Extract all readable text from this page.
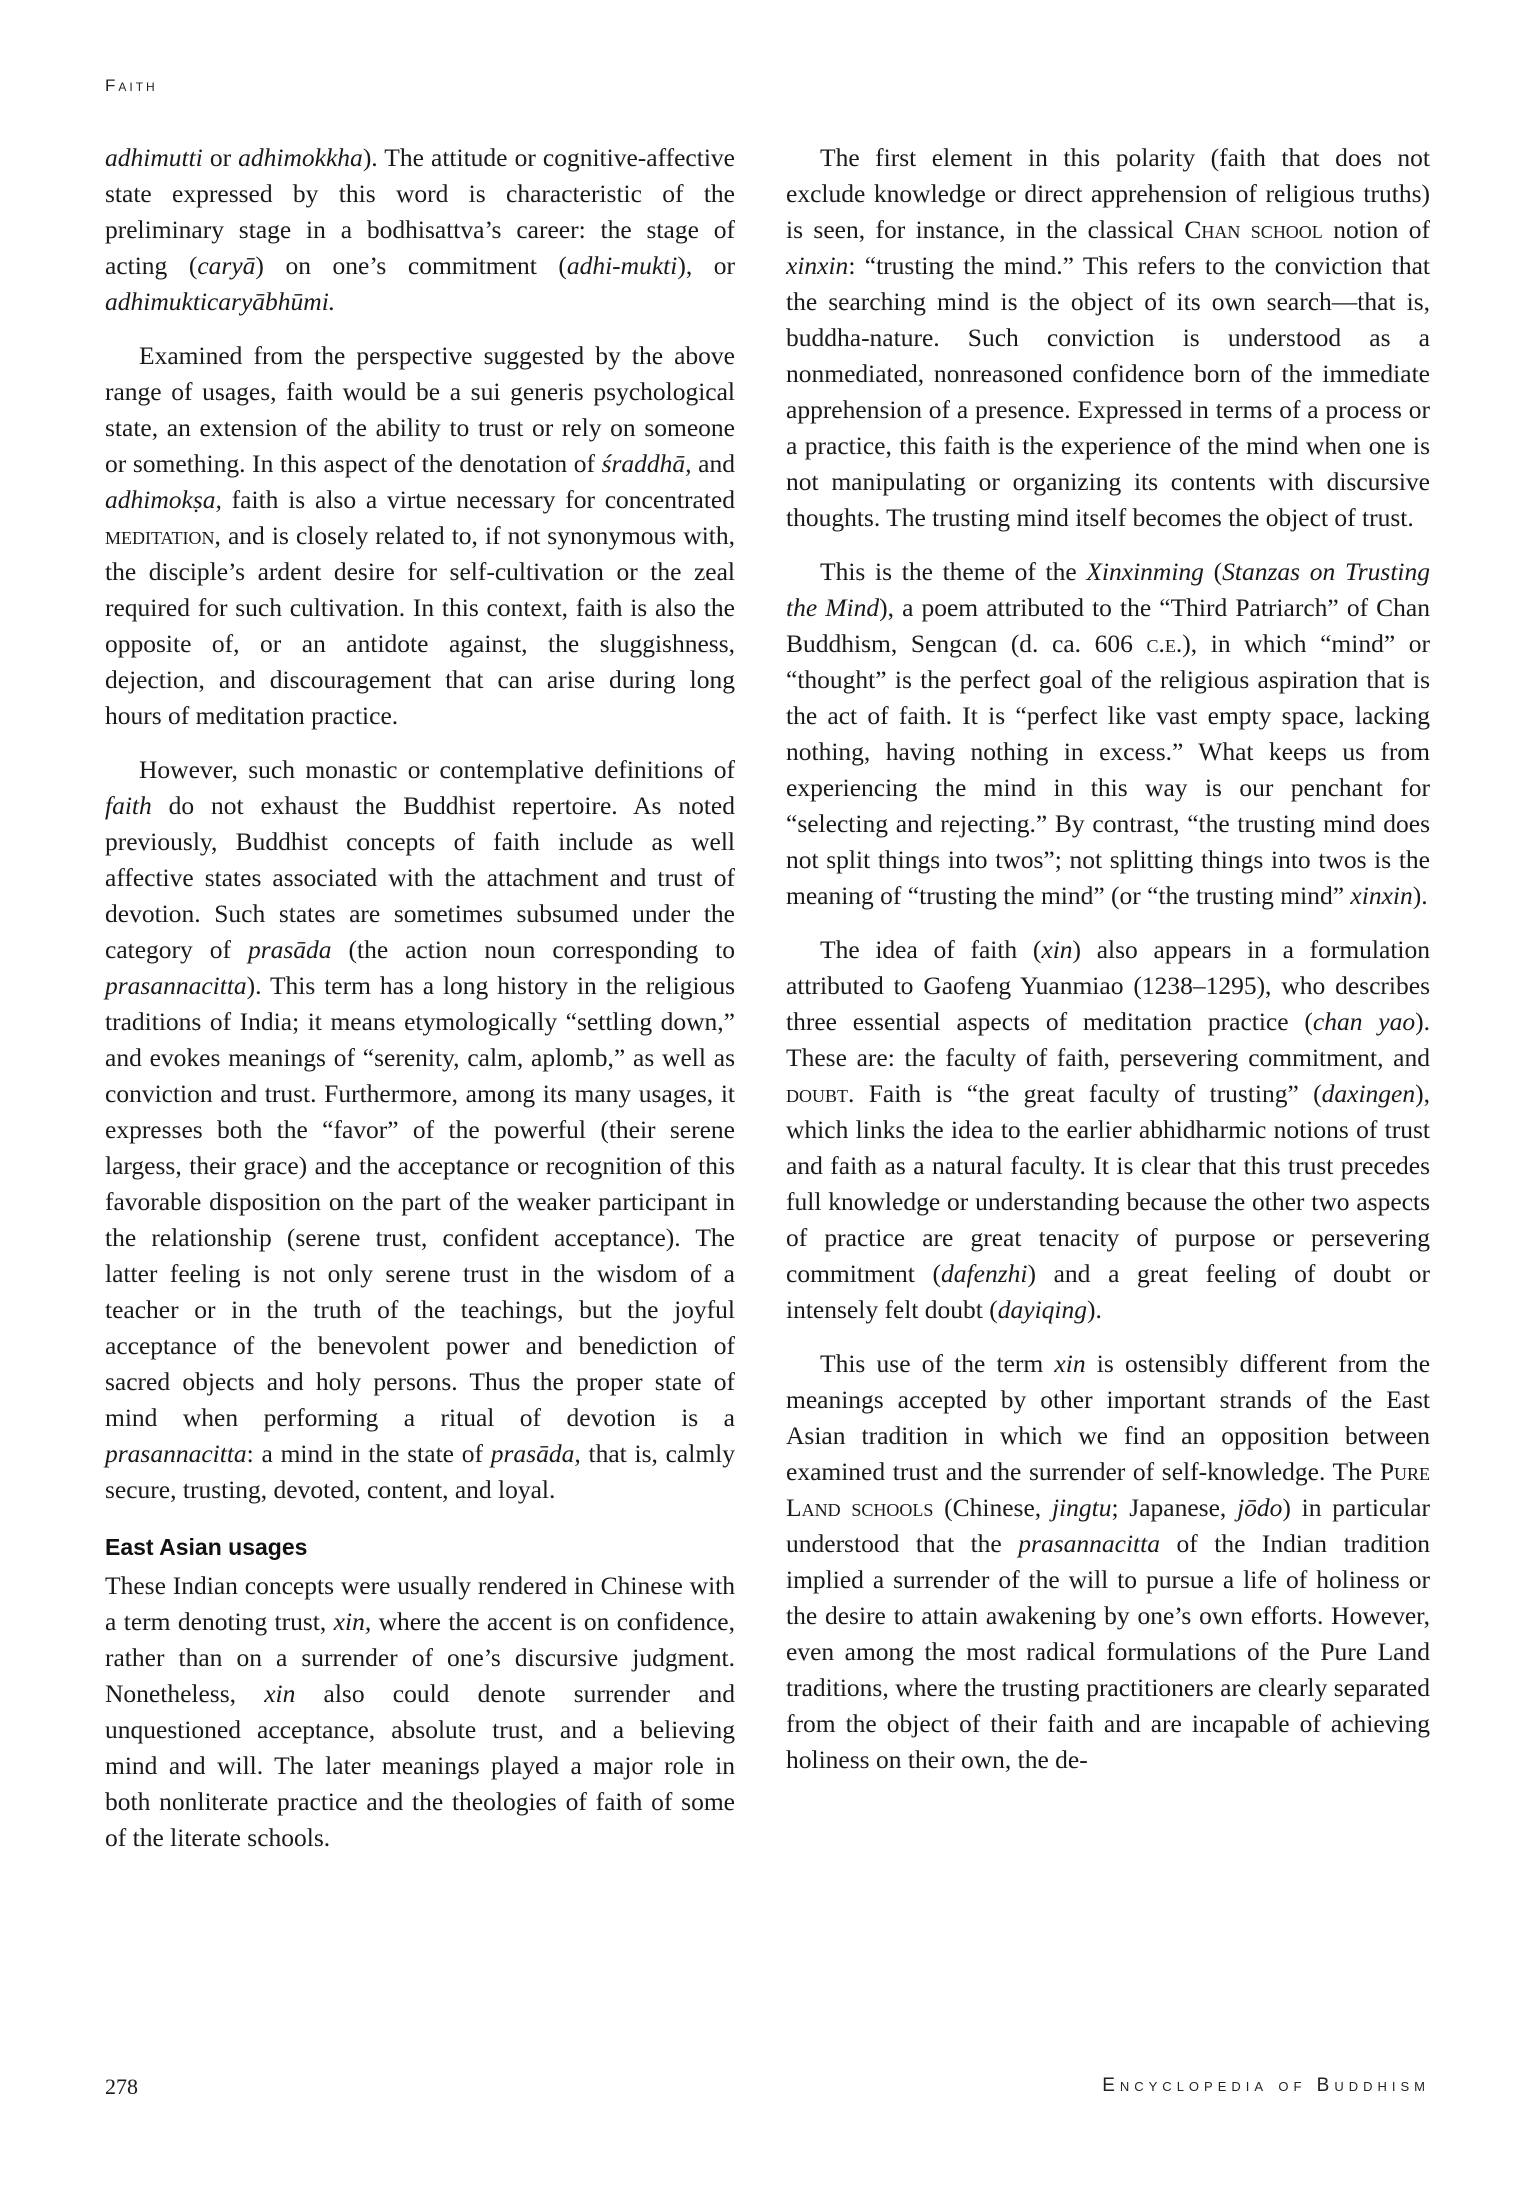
Faith

adhimutti or adhimokkha). The attitude or cognitive-affective state expressed by this word is characteristic of the preliminary stage in a bodhisattva’s career: the stage of acting (caryā) on one’s commitment (adhi-mukti), or adhimukticaryābhūmi.

Examined from the perspective suggested by the above range of usages, faith would be a sui generis psychological state, an extension of the ability to trust or rely on someone or something. In this aspect of the denotation of śraddhā, and adhimokṣa, faith is also a virtue necessary for concentrated meditation, and is closely related to, if not synonymous with, the disciple’s ardent desire for self-cultivation or the zeal required for such cultivation. In this context, faith is also the opposite of, or an antidote against, the sluggishness, dejection, and discouragement that can arise during long hours of meditation practice.

However, such monastic or contemplative definitions of faith do not exhaust the Buddhist repertoire. As noted previously, Buddhist concepts of faith include as well affective states associated with the attachment and trust of devotion. Such states are sometimes subsumed under the category of prasāda (the action noun corresponding to prasannacitta). This term has a long history in the religious traditions of India; it means etymologically “settling down,” and evokes meanings of “serenity, calm, aplomb,” as well as conviction and trust. Furthermore, among its many usages, it expresses both the “favor” of the powerful (their serene largess, their grace) and the acceptance or recognition of this favorable disposition on the part of the weaker participant in the relationship (serene trust, confident acceptance). The latter feeling is not only serene trust in the wisdom of a teacher or in the truth of the teachings, but the joyful acceptance of the benevolent power and benediction of sacred objects and holy persons. Thus the proper state of mind when performing a ritual of devotion is a prasannacitta: a mind in the state of prasāda, that is, calmly secure, trusting, devoted, content, and loyal.

East Asian usages

These Indian concepts were usually rendered in Chinese with a term denoting trust, xin, where the accent is on confidence, rather than on a surrender of one’s discursive judgment. Nonetheless, xin also could denote surrender and unquestioned acceptance, absolute trust, and a believing mind and will. The later meanings played a major role in both nonliterate practice and the theologies of faith of some of the literate schools.

The first element in this polarity (faith that does not exclude knowledge or direct apprehension of religious truths) is seen, for instance, in the classical Chan school notion of xinxin: “trusting the mind.” This refers to the conviction that the searching mind is the object of its own search—that is, buddha-nature. Such conviction is understood as a nonmediated, nonreasoned confidence born of the immediate apprehension of a presence. Expressed in terms of a process or a practice, this faith is the experience of the mind when one is not manipulating or organizing its contents with discursive thoughts. The trusting mind itself becomes the object of trust.

This is the theme of the Xinxinming (Stanzas on Trusting the Mind), a poem attributed to the “Third Patriarch” of Chan Buddhism, Sengcan (d. ca. 606 c.e.), in which “mind” or “thought” is the perfect goal of the religious aspiration that is the act of faith. It is “perfect like vast empty space, lacking nothing, having nothing in excess.” What keeps us from experiencing the mind in this way is our penchant for “selecting and rejecting.” By contrast, “the trusting mind does not split things into twos”; not splitting things into twos is the meaning of “trusting the mind” (or “the trusting mind” xinxin).

The idea of faith (xin) also appears in a formulation attributed to Gaofeng Yuanmiao (1238–1295), who describes three essential aspects of meditation practice (chan yao). These are: the faculty of faith, persevering commitment, and doubt. Faith is “the great faculty of trusting” (daxingen), which links the idea to the earlier abhidharmic notions of trust and faith as a natural faculty. It is clear that this trust precedes full knowledge or understanding because the other two aspects of practice are great tenacity of purpose or persevering commitment (dafenzhi) and a great feeling of doubt or intensely felt doubt (dayiqing).

This use of the term xin is ostensibly different from the meanings accepted by other important strands of the East Asian tradition in which we find an opposition between examined trust and the surrender of self-knowledge. The Pure Land schools (Chinese, jingtu; Japanese, jōdo) in particular understood that the prasannacitta of the Indian tradition implied a surrender of the will to pursue a life of holiness or the desire to attain awakening by one’s own efforts. However, even among the most radical formulations of the Pure Land traditions, where the trusting practitioners are clearly separated from the object of their faith and are incapable of achieving holiness on their own, the de-

278	Encyclopedia of Buddhism
